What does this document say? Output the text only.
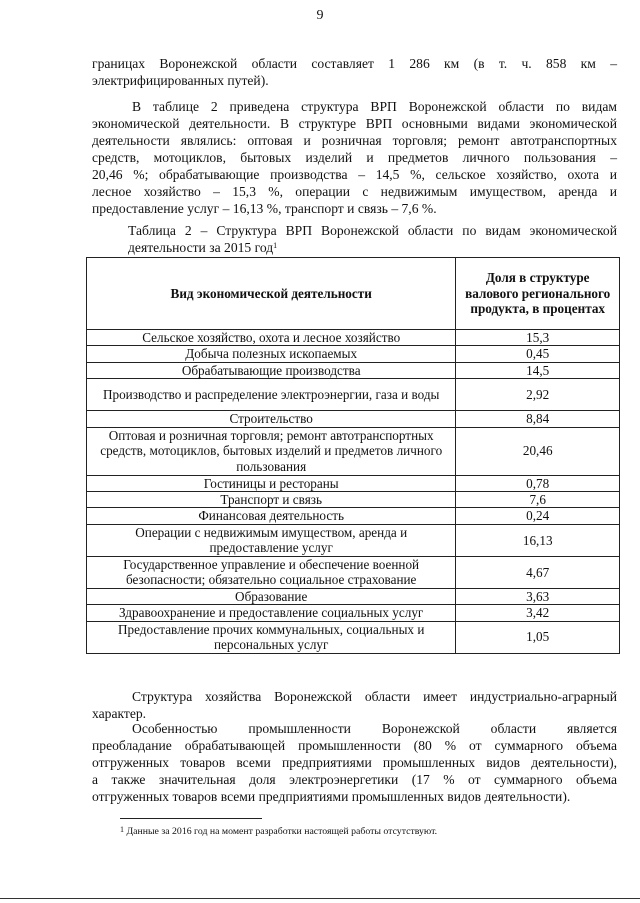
9

границах Воронежской области составляет 1 286 км (в т. ч. 858 км –

электрифицированных путей).

В таблице 2 приведена структура ВРП Воронежской области по видам

экономической деятельности. В структуре ВРП основными видами экономической

деятельности являлись: оптовая и розничная торговля; ремонт автотранспортных

средств, мотоциклов, бытовых изделий и предметов личного пользования –

20,46 %; обрабатывающие производства – 14,5 %, сельское хозяйство, охота и

лесное хозяйство – 15,3 %, операции с недвижимым имуществом, аренда и

предоставление услуг – 16,13 %, транспорт и связь – 7,6 %.

Таблица 2 – Структура ВРП Воронежской области по видам экономической

деятельности за 2015 год$^1$

Вид экономической деятельности	Доля в структуре валового регионального продукта, в процентах
Сельское хозяйство, охота и лесное хозяйство	15,3
Добыча полезных ископаемых	0,45
Обрабатывающие производства	14,5
Производство и распределение электроэнергии, газа и воды	2,92
Строительство	8,84
Оптовая и розничная торговля; ремонт автотранспортных средств, мотоциклов, бытовых изделий и предметов личного пользования	20,46
Гостиницы и рестораны	0,78
Транспорт и связь	7,6
Финансовая деятельность	0,24
Операции с недвижимым имуществом, аренда и предоставление услуг	16,13
Государственное управление и обеспечение военной безопасности; обязательно социальное страхование	4,67
Образование	3,63
Здравоохранение и предоставление социальных услуг	3,42
Предоставление прочих коммунальных, социальных и персональных услуг	1,05

Структура хозяйства Воронежской области имеет индустриально-аграрный

характер.

Особенностью промышленности Воронежской области является

преобладание обрабатывающей промышленности (80 % от суммарного объема

отгруженных товаров всеми предприятиями промышленных видов деятельности),

а также значительная доля электроэнергетики (17 % от суммарного объема

отгруженных товаров всеми предприятиями промышленных видов деятельности).

$^1$ Данные за 2016 год на момент разработки настоящей работы отсутствуют.
